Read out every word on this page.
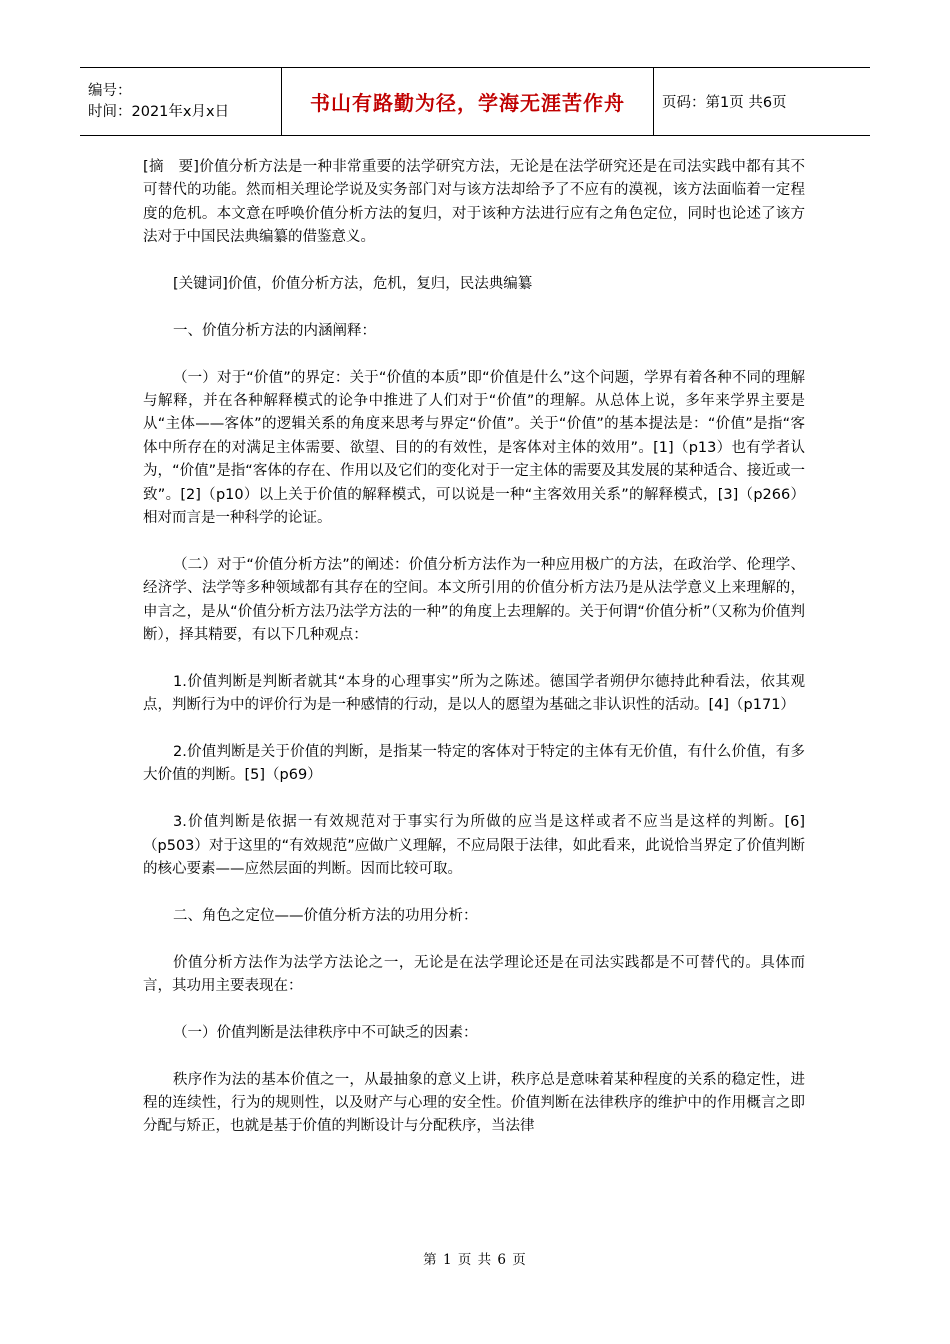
编号：
时间：2021年x月x日	书山有路勤为径，学海无涯苦作舟	页码：第1页 共6页

[摘　要]价值分析方法是一种非常重要的法学研究方法，无论是在法学研究还是在司法实践中都有其不可替代的功能。然而相关理论学说及实务部门对与该方法却给予了不应有的漠视，该方法面临着一定程度的危机。本文意在呼唤价值分析方法的复归，对于该种方法进行应有之角色定位，同时也论述了该方法对于中国民法典编纂的借鉴意义。

[关键词]价值，价值分析方法，危机，复归，民法典编纂

一、价值分析方法的内涵阐释：

（一）对于“价值”的界定：关于“价值的本质”即“价值是什么”这个问题，学界有着各种不同的理解与解释，并在各种解释模式的论争中推进了人们对于“价值”的理解。从总体上说，多年来学界主要是从“主体——客体”的逻辑关系的角度来思考与界定“价值”。关于“价值”的基本提法是：“价值”是指“客体中所存在的对满足主体需要、欲望、目的的有效性，是客体对主体的效用”。[1]（p13）也有学者认为，“价值”是指“客体的存在、作用以及它们的变化对于一定主体的需要及其发展的某种适合、接近或一致”。[2]（p10）以上关于价值的解释模式，可以说是一种“主客效用关系”的解释模式，[3]（p266）相对而言是一种科学的论证。

（二）对于“价值分析方法”的阐述：价值分析方法作为一种应用极广的方法，在政治学、伦理学、经济学、法学等多种领域都有其存在的空间。本文所引用的价值分析方法乃是从法学意义上来理解的，申言之，是从“价值分析方法乃法学方法的一种”的角度上去理解的。关于何谓“价值分析”（又称为价值判断），择其精要，有以下几种观点：

1.价值判断是判断者就其“本身的心理事实”所为之陈述。德国学者朔伊尔德持此种看法，依其观点，判断行为中的评价行为是一种感情的行动，是以人的愿望为基础之非认识性的活动。[4]（p171）

2.价值判断是关于价值的判断，是指某一特定的客体对于特定的主体有无价值，有什么价值，有多大价值的判断。[5]（p69）

3.价值判断是依据一有效规范对于事实行为所做的应当是这样或者不应当是这样的判断。[6]（p503）对于这里的“有效规范”应做广义理解，不应局限于法律，如此看来，此说恰当界定了价值判断的核心要素——应然层面的判断。因而比较可取。

二、角色之定位——价值分析方法的功用分析：

价值分析方法作为法学方法论之一，无论是在法学理论还是在司法实践都是不可替代的。具体而言，其功用主要表现在：

（一）价值判断是法律秩序中不可缺乏的因素：

秩序作为法的基本价值之一，从最抽象的意义上讲，秩序总是意味着某种程度的关系的稳定性，进程的连续性，行为的规则性，以及财产与心理的安全性。价值判断在法律秩序的维护中的作用概言之即分配与矫正，也就是基于价值的判断设计与分配秩序，当法律

第 1 页 共 6 页
